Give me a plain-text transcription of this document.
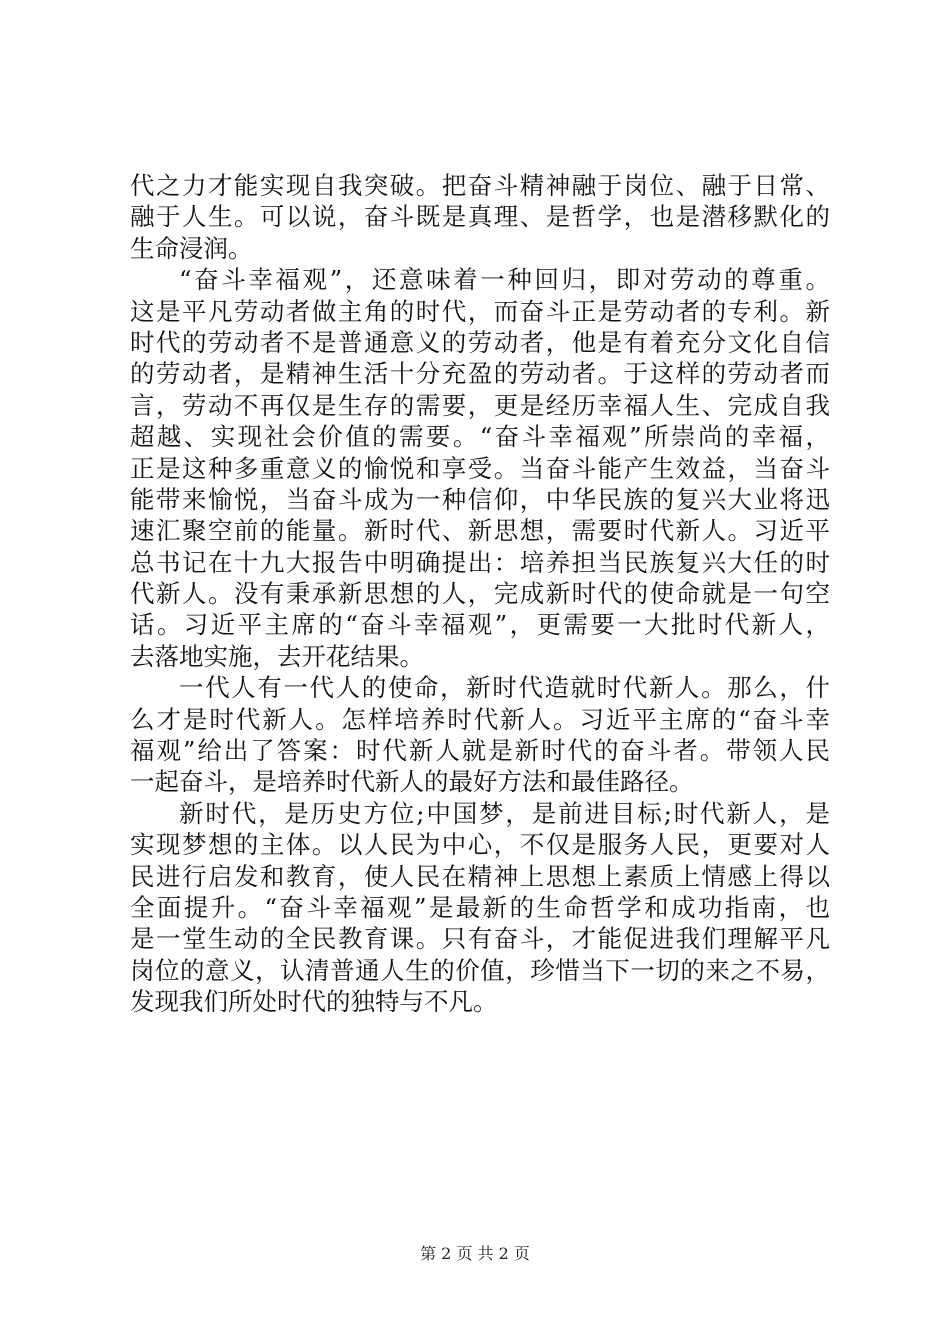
代之力才能实现自我突破。把奋斗精神融于岗位、融于日常、
融于人生。可以说，奋斗既是真理、是哲学，也是潜移默化的
生命浸润。
“奋斗幸福观”，还意味着一种回归，即对劳动的尊重。
这是平凡劳动者做主角的时代，而奋斗正是劳动者的专利。新
时代的劳动者不是普通意义的劳动者，他是有着充分文化自信
的劳动者，是精神生活十分充盈的劳动者。于这样的劳动者而
言，劳动不再仅是生存的需要，更是经历幸福人生、完成自我
超越、实现社会价值的需要。“奋斗幸福观”所崇尚的幸福，
正是这种多重意义的愉悦和享受。当奋斗能产生效益，当奋斗
能带来愉悦，当奋斗成为一种信仰，中华民族的复兴大业将迅
速汇聚空前的能量。新时代、新思想，需要时代新人。习近平
总书记在十九大报告中明确提出：培养担当民族复兴大任的时
代新人。没有秉承新思想的人，完成新时代的使命就是一句空
话。习近平主席的“奋斗幸福观”，更需要一大批时代新人，
去落地实施，去开花结果。
一代人有一代人的使命，新时代造就时代新人。那么，什
么才是时代新人。怎样培养时代新人。习近平主席的“奋斗幸
福观”给出了答案：时代新人就是新时代的奋斗者。带领人民
一起奋斗，是培养时代新人的最好方法和最佳路径。
新时代，是历史方位;中国梦，是前进目标;时代新人，是
实现梦想的主体。以人民为中心，不仅是服务人民，更要对人
民进行启发和教育，使人民在精神上思想上素质上情感上得以
全面提升。“奋斗幸福观”是最新的生命哲学和成功指南，也
是一堂生动的全民教育课。只有奋斗，才能促进我们理解平凡
岗位的意义，认清普通人生的价值，珍惜当下一切的来之不易，
发现我们所处时代的独特与不凡。
第 2 页 共 2 页
